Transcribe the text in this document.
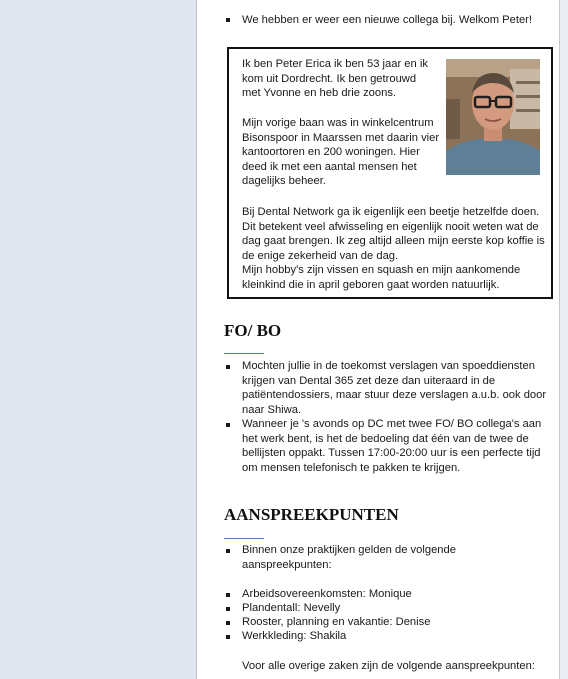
We hebben er weer een nieuwe collega bij. Welkom Peter!

Ik ben Peter Erica ik ben 53 jaar en ik
kom uit Dordrecht. Ik ben getrouwd
met Yvonne en heb drie zoons.

Mijn vorige baan was in winkelcentrum
Bisonspoor in Maarssen met daarin vier
kantoortoren en 200 woningen. Hier
deed ik met een aantal mensen het
dagelijks beheer.

Bij Dental Network ga ik eigenlijk een beetje hetzelfde doen.
Dit betekent veel afwisseling en eigenlijk nooit weten wat de
dag gaat brengen. Ik zeg altijd alleen mijn eerste kop koffie is
de enige zekerheid van de dag.
Mijn hobby's zijn vissen en squash en mijn aankomende
kleinkind die in april geboren gaat worden natuurlijk.

FO/ BO

Mochten jullie in de toekomst verslagen van spoeddiensten
krijgen van Dental 365 zet deze dan uiteraard in de
patiëntendossiers, maar stuur deze verslagen a.u.b. ook door
naar Shiwa.

Wanneer je 's avonds op DC met twee FO/ BO collega's aan
het werk bent, is het de bedoeling dat één van de twee de
bellijsten oppakt. Tussen 17:00-20:00 uur is een perfecte tijd
om mensen telefonisch te pakken te krijgen.

AANSPREEKPUNTEN

Binnen onze praktijken gelden de volgende
aanspreekpunten:

Arbeidsovereenkomsten: Monique

Plandentall: Nevelly

Rooster, planning en vakantie: Denise

Werkkleding: Shakila

Voor alle overige zaken zijn de volgende aanspreekpunten:
